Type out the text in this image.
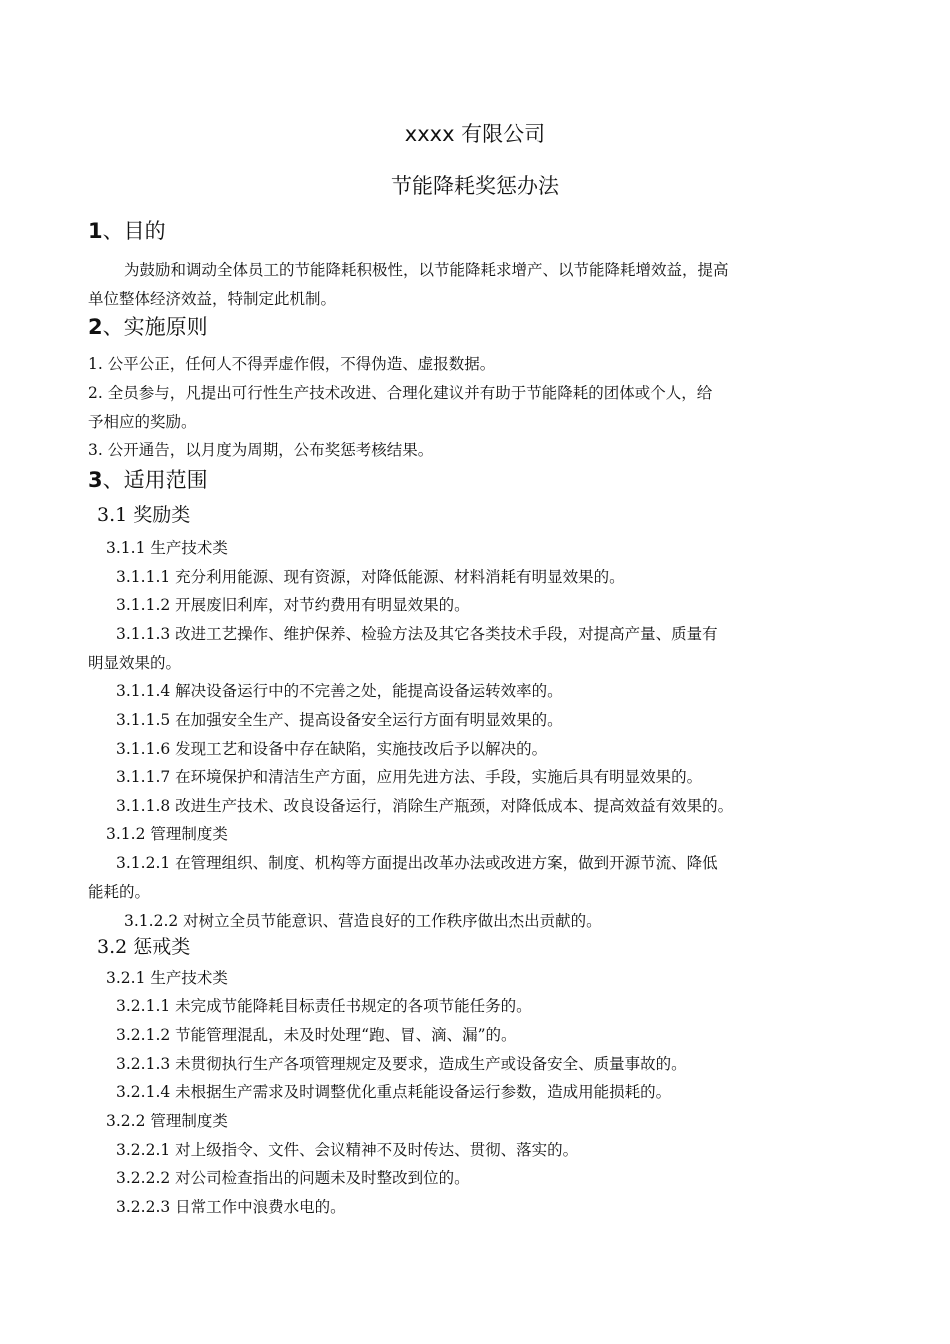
xxxx 有限公司
节能降耗奖惩办法
1、目的
为鼓励和调动全体员工的节能降耗积极性，以节能降耗求增产、以节能降耗增效益，提高
单位整体经济效益，特制定此机制。
2、实施原则
1. 公平公正，任何人不得弄虚作假，不得伪造、虚报数据。
2. 全员参与，凡提出可行性生产技术改进、合理化建议并有助于节能降耗的团体或个人，给
予相应的奖励。
3. 公开通告，以月度为周期，公布奖惩考核结果。
3、适用范围
3.1 奖励类
3.1.1 生产技术类
3.1.1.1 充分利用能源、现有资源，对降低能源、材料消耗有明显效果的。
3.1.1.2 开展废旧利库，对节约费用有明显效果的。
3.1.1.3 改进工艺操作、维护保养、检验方法及其它各类技术手段，对提高产量、质量有
明显效果的。
3.1.1.4 解决设备运行中的不完善之处，能提高设备运转效率的。
3.1.1.5 在加强安全生产、提高设备安全运行方面有明显效果的。
3.1.1.6 发现工艺和设备中存在缺陷，实施技改后予以解决的。
3.1.1.7 在环境保护和清洁生产方面，应用先进方法、手段，实施后具有明显效果的。
3.1.1.8 改进生产技术、改良设备运行，消除生产瓶颈，对降低成本、提高效益有效果的。
3.1.2 管理制度类
3.1.2.1 在管理组织、制度、机构等方面提出改革办法或改进方案，做到开源节流、降低
能耗的。
3.1.2.2 对树立全员节能意识、营造良好的工作秩序做出杰出贡献的。
3.2 惩戒类
3.2.1 生产技术类
3.2.1.1 未完成节能降耗目标责任书规定的各项节能任务的。
3.2.1.2 节能管理混乱，未及时处理“跑、冒、滴、漏”的。
3.2.1.3 未贯彻执行生产各项管理规定及要求，造成生产或设备安全、质量事故的。
3.2.1.4 未根据生产需求及时调整优化重点耗能设备运行参数，造成用能损耗的。
3.2.2 管理制度类
3.2.2.1 对上级指令、文件、会议精神不及时传达、贯彻、落实的。
3.2.2.2 对公司检查指出的问题未及时整改到位的。
3.2.2.3 日常工作中浪费水电的。
